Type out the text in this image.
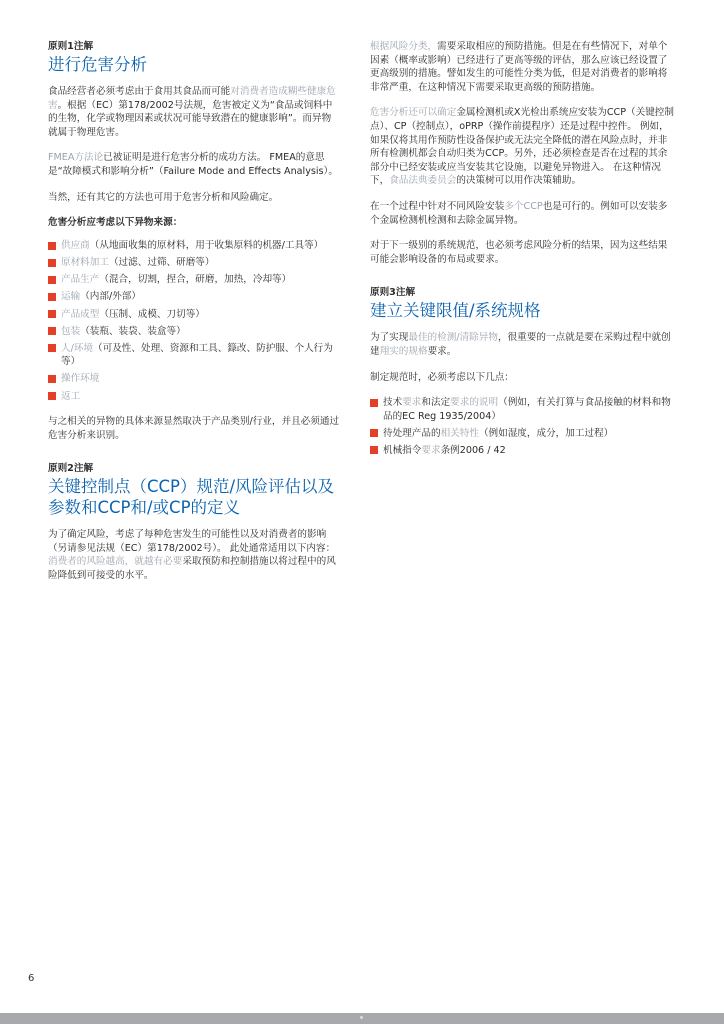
原则1注解

进行危害分析

食品经营者必须考虑由于食用其食品而可能对消费者造成糊些健康危害。根据（EC）第178/2002号法规，危害被定义为“食品或饲料中的生物，化学或物理因素或状况可能导致潜在的健康影响”。而异物就属于物理危害。

FMEA方法论已被证明是进行危害分析的成功方法。 FMEA的意思是“故障模式和影响分析”（Failure Mode and Effects Analysis）。

当然，还有其它的方法也可用于危害分析和风险确定。

危害分析应考虑以下异物来源：

供应商（从地面收集的原材料，用于收集原料的机器/工具等）
原材料加工（过滤、过筛、研磨等）
产品生产（混合，切割，捏合，研磨，加热，冷却等）
运输（内部/外部）
产品成型（压制、成模、刀切等）
包装（装瓶、装袋、装盒等）
人/环境（可及性、处理、资源和工具、籙改、防护服、个人行为等）
操作环境
返工

与之相关的异物的具体来源显然取决于产品类别/行业，并且必须通过危害分析来识别。

原则2注解

关键控制点（CCP）规范/风险评估以及参数和CCP和/或CP的定义

为了确定风险，考虑了每种危害发生的可能性以及对消费者的影响（另请参见法规（EC）第178/2002号）。 此处通常适用以下内容：消费者的风险越高，就越有必要采取预防和控制措施以将过程中的风险降低到可接受的水平。

根据风险分类，需要采取相应的预防措施。但是在有些情况下，对单个因素（概率或影响）已经进行了更高等级的评估，那么应该已经设置了更高级别的措施。譬如发生的可能性分类为低，但是对消费者的影响将非常严重，在这种情况下需要采取更高级的预防措施。

危害分析还可以确定金属检测机或X光检出系统应安装为CCP（关键控制点）、CP（控制点），oPRP（操作前提程序）还是过程中控件。 例如，如果仅将其用作预防性设备保护或无法完全降低的潜在风险点时，并非所有检测机都会自动归类为CCP。另外，还必须检查是否在过程的其余部分中已经安装或应当安装其它设施，以避免异物进入。 在这种情况下，食品法典委员会的决策树可以用作决策辅助。

在一个过程中针对不同风险安装多个CCP也是可行的。例如可以安装多个金属检测机检测和去除金属异物。

对于下一级别的系统规范，也必须考虑风险分析的结果，因为这些结果可能会影响设备的布局或要求。

原则3注解

建立关键限值/系统规格

为了实现最佳的检测/清除异物，很重要的一点就是要在采购过程中就创建翔实的规格要求。

制定规范时，必须考虑以下几点：

技术要求和法定要求的说明（例如，有关打算与食品接触的材料和物品的EC Reg 1935/2004）
待处理产品的相关特性（例如湿度，成分，加工过程）
机械指令要求条例2006 / 42
6
